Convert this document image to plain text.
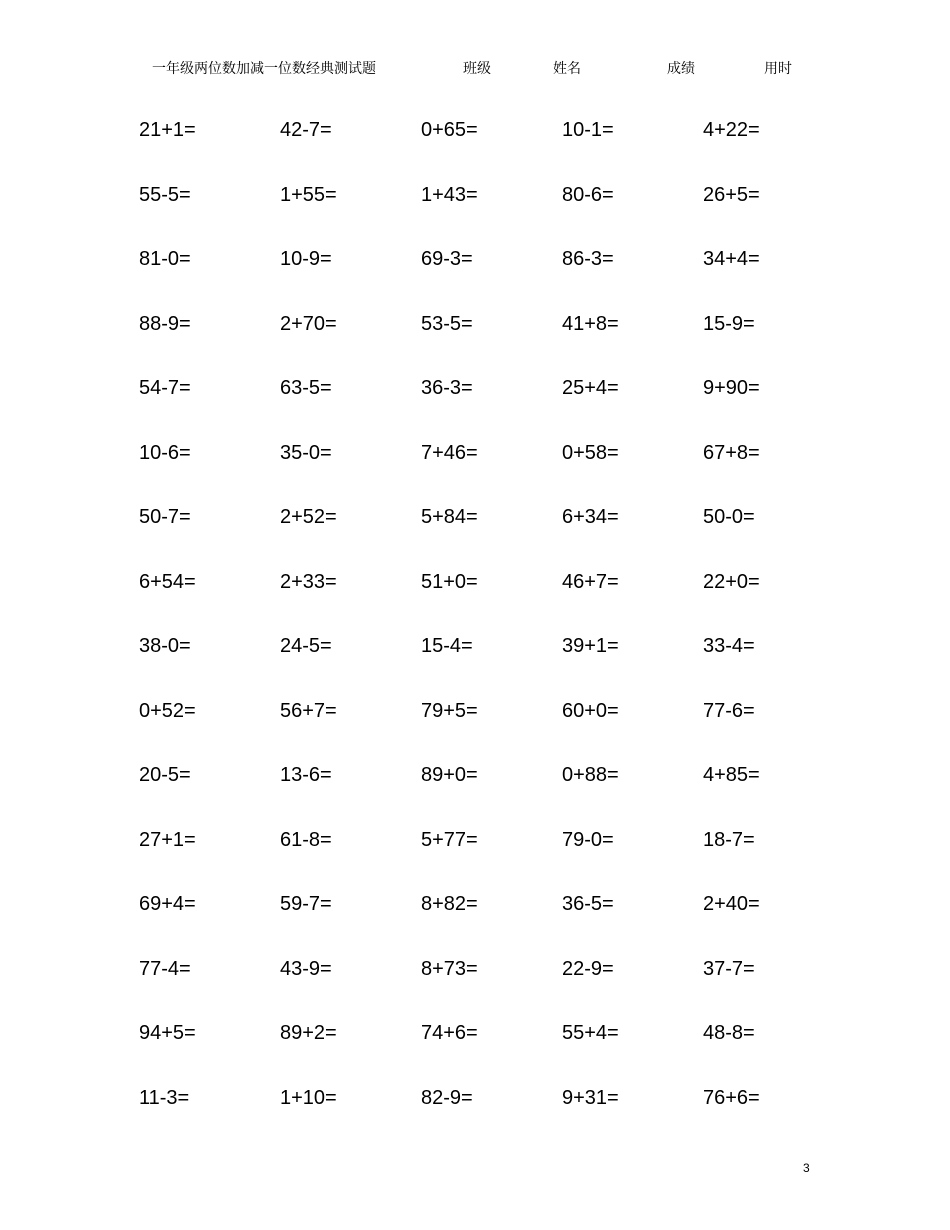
一年级两位数加减一位数经典测试题	班级	姓名	成绩	用时
21+1=	42-7=	0+65=	10-1=	4+22=
55-5=	1+55=	1+43=	80-6=	26+5=
81-0=	10-9=	69-3=	86-3=	34+4=
88-9=	2+70=	53-5=	41+8=	15-9=
54-7=	63-5=	36-3=	25+4=	9+90=
10-6=	35-0=	7+46=	0+58=	67+8=
50-7=	2+52=	5+84=	6+34=	50-0=
6+54=	2+33=	51+0=	46+7=	22+0=
38-0=	24-5=	15-4=	39+1=	33-4=
0+52=	56+7=	79+5=	60+0=	77-6=
20-5=	13-6=	89+0=	0+88=	4+85=
27+1=	61-8=	5+77=	79-0=	18-7=
69+4=	59-7=	8+82=	36-5=	2+40=
77-4=	43-9=	8+73=	22-9=	37-7=
94+5=	89+2=	74+6=	55+4=	48-8=
11-3=	1+10=	82-9=	9+31=	76+6=
3
